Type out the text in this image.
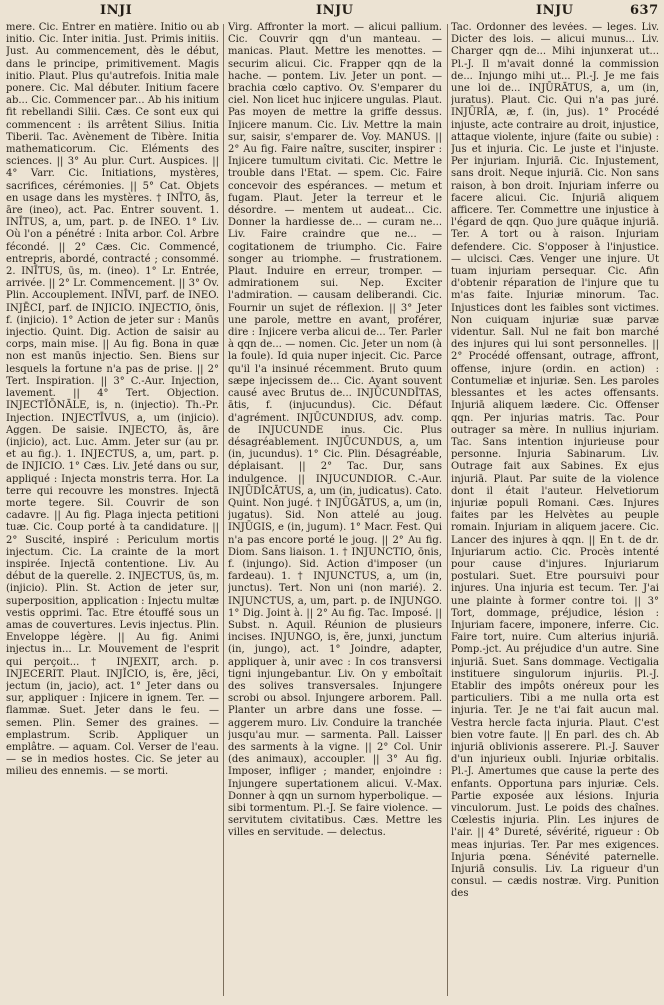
INJI	INJU	INJU	637

mere. Cic. Entrer en matière. Initio ou ab initio. Cic. Inter initia. Just. Primis initiis. Just. Au commencement, dès le début, dans le principe, primitivement. Magis initio. Plaut. Plus qu'autrefois. Initia male ponere. Cic. Mal débuter. Initium facere ab... Cic. Commencer par... Ab his initium fit rebellandi Silii. Cæs. Ce sont eux qui commencent : ils arrêtent Silius. Initia Tiberii. Tac. Avènement de Tibère. Initia mathematicorum. Cic. Eléments des sciences. || 3° Au plur. Curt. Auspices. || 4° Varr. Cic. Initiations, mystères, sacrifices, cérémonies. || 5° Cat. Objets en usage dans les mystères. † INĪTO, ās, āre (ineo), act. Pac. Entrer souvent. 1. INĪTUS, a, um, part. p. de INEO. 1° Liv. Où l'on a pénétré : Inita arbor. Col. Arbre fécondé. || 2° Cæs. Cic. Commencé, entrepris, abordé, contracté ; consommé. 2. INĪTUS, ūs, m. (ineo). 1° Lr. Entrée, arrivée. || 2° Lr. Commencement. || 3° Ov. Plin. Accouplement. INĪVI, parf. de INEO. INJĒCI, parf. de INJICIO. INJECTIO, ōnis, f. (injicio). 1° Action de jeter sur : Manūs injectio. Quint. Dig. Action de saisir au corps, main mise. || Au fig. Bona in quæ non est manūs injectio. Sen. Biens sur lesquels la fortune n'a pas de prise. || 2° Tert. Inspiration. || 3° C.-Aur. Injection, lavement. || 4° Tert. Objection. INJECTĬŌNĀLE, is, n. (injectio). Th.-Pr. Injection. INJECTĪVUS, a, um (injicio). Aggen. De saisie. INJECTO, ās, āre (injicio), act. Luc. Amm. Jeter sur (au pr. et au fig.). 1. INJECTUS, a, um, part. p. de INJICIO. 1° Cæs. Liv. Jeté dans ou sur, appliqué : Injecta monstris terra. Hor. La terre qui recouvre les monstres. Injectā morte tegere. Sil. Couvrir de son cadavre. || Au fig. Plaga injecta petitioni tuæ. Cic. Coup porté à ta candidature. || 2° Suscité, inspiré : Periculum mortis injectum. Cic. La crainte de la mort inspirée. Injectā contentione. Liv. Au début de la querelle. 2. INJECTUS, ūs, m. (injicio). Plin. St. Action de jeter sur, superposition, application : Injectu multæ vestis opprimi. Tac. Etre étouffé sous un amas de couvertures. Levis injectus. Plin. Enveloppe légère. || Au fig. Animi injectus in... Lr. Mouvement de l'esprit qui perçoit... † INJEXIT, arch. p. INJECERIT. Plaut. INJĬCIO, is, ēre, jēci, jectum (in, jacio), act. 1° Jeter dans ou sur, appliquer : Injicere in ignem. Ter. — flammæ. Suet. Jeter dans le feu. — semen. Plin. Semer des graines. — emplastrum. Scrib. Appliquer un emplâtre. — aquam. Col. Verser de l'eau. — se in medios hostes. Cic. Se jeter au milieu des ennemis. — se morti.

Virg. Affronter la mort. — alicui pallium. Cic. Couvrir qqn d'un manteau. — manicas. Plaut. Mettre les menottes. — securim alicui. Cic. Frapper qqn de la hache. — pontem. Liv. Jeter un pont. — brachia cœlo captivo. Ov. S'emparer du ciel. Non licet huc injicere ungulas. Plaut. Pas moyen de mettre la griffe dessus. Injicere manum. Cic. Liv. Mettre la main sur, saisir, s'emparer de. Voy. MANUS. || 2° Au fig. Faire naître, susciter, inspirer : Injicere tumultum civitati. Cic. Mettre le trouble dans l'Etat. — spem. Cic. Faire concevoir des espérances. — metum et fugam. Plaut. Jeter la terreur et le désordre. — mentem ut audeat... Cic. Donner la hardiesse de... — curam ne... Liv. Faire craindre que ne... — cogitationem de triumpho. Cic. Faire songer au triomphe. — frustrationem. Plaut. Induire en erreur, tromper. — admirationem sui. Nep. Exciter l'admiration. — causam deliberandi. Cic. Fournir un sujet de réflexion. || 3° Jeter une parole, mettre en avant, proférer, dire : Injicere verba alicui de... Ter. Parler à qqn de... — nomen. Cic. Jeter un nom (à la foule). Id quia nuper injecit. Cic. Parce qu'il l'a insinué récemment. Bruto quum sæpe injecissem de... Cic. Ayant souvent causé avec Brutus de... INJŪCUNDĬTAS, ātis, f. (injucundus). Cic. Défaut d'agrément. INJŪCUNDIUS, adv. comp. de INJUCUNDE inus. Cic. Plus désagréablement. INJŪCUNDUS, a, um (in, jucundus). 1° Cic. Plin. Désagréable, déplaisant. || 2° Tac. Dur, sans indulgence. || INJUCUNDIOR. C.-Aur. INJŪDĬCĀTUS, a, um (in, judicatus). Cato. Quint. Non jugé. † INJŪGĀTUS, a, um (in, jugatus). Sid. Non attelé au joug. INJŪGIS, e (in, jugum). 1° Macr. Fest. Qui n'a pas encore porté le joug. || 2° Au fig. Diom. Sans liaison. 1. † INJUNCTIO, ōnis, f. (injungo). Sid. Action d'imposer (un fardeau). 1. † INJUNCTUS, a, um (in, junctus). Tert. Non uni (non marié). 2. INJUNCTUS, a, um, part. p. de INJUNGO. 1° Dig. Joint à. || 2° Au fig. Tac. Imposé. || Subst. n. Aquil. Réunion de plusieurs incises. INJUNGO, is, ĕre, junxi, junctum (in, jungo), act. 1° Joindre, adapter, appliquer à, unir avec : In cos transversi tigni injungebantur. Liv. On y emboîtait des solives transversales. Injungere scrobi ou absol. Injungere arborem. Pall. Planter un arbre dans une fosse. — aggerem muro. Liv. Conduire la tranchée jusqu'au mur. — sarmenta. Pall. Laisser des sarments à la vigne. || 2° Col. Unir (des animaux), accoupler. || 3° Au fig. Imposer, infliger ; mander, enjoindre : Injungere supertationem alicui. V.-Max. Donner à qqn un surnom hyperbolique. — sibi tormentum. Pl.-J. Se faire violence. — servitutem civitatibus. Cæs. Mettre les villes en servitude. — delectus.

Tac. Ordonner des levées. — leges. Liv. Dicter des lois. — alicui munus... Liv. Charger qqn de... Mihi injunxerat ut... Pl.-J. Il m'avait donné la commission de... Injungo mihi ut... Pl.-J. Je me fais une loi de... INJŪRĀTUS, a, um (in, juratus). Plaut. Cic. Qui n'a pas juré. INJŪRĬA, æ, f. (in, jus). 1° Procédé injuste, acte contraire au droit, injustice, attaque violente, injure (faite ou subie) : Jus et injuria. Cic. Le juste et l'injuste. Per injuriam. Injuriā. Cic. Injustement, sans droit. Neque injuriā. Cic. Non sans raison, à bon droit. Injuriam inferre ou facere alicui. Cic. Injuriā aliquem afficere. Ter. Commettre une injustice à l'égard de qqn. Quo jure quāque injuriā. Ter. A tort ou à raison. Injuriam defendere. Cic. S'opposer à l'injustice. — ulcisci. Cæs. Venger une injure. Ut tuam injuriam persequar. Cic. Afin d'obtenir réparation de l'injure que tu m'as faite. Injuriæ minorum. Tac. Injustices dont les faibles sont victimes. Non cuiquam injuriæ suæ parvæ videntur. Sall. Nul ne fait bon marché des injures qui lui sont personnelles. || 2° Procédé offensant, outrage, affront, offense, injure (ordin. en action) : Contumeliæ et injuriæ. Sen. Les paroles blessantes et les actes offensants. Injuriā aliquem lædere. Cic. Offenser qqn. Per injurias matris. Tac. Pour outrager sa mère. In nullius injuriam. Tac. Sans intention injurieuse pour personne. Injuria Sabinarum. Liv. Outrage fait aux Sabines. Ex ejus injuriā. Plaut. Par suite de la violence dont il était l'auteur. Helvetiorum injuriæ populi Romani. Cæs. Injures faites par les Helvètes au peuple romain. Injuriam in aliquem jacere. Cic. Lancer des injures à qqn. || En t. de dr. Injuriarum actio. Cic. Procès intenté pour cause d'injures. Injuriarum postulari. Suet. Etre poursuivi pour injures. Una injuria est tecum. Ter. J'ai une plainte à former contre toi. || 3° Tort, dommage, préjudice, lésion : Injuriam facere, imponere, inferre. Cic. Faire tort, nuire. Cum alterius injuriā. Pomp.-jct. Au préjudice d'un autre. Sine injuriā. Suet. Sans dommage. Vectigalia instituere singulorum injuriis. Pl.-J. Etablir des impôts onéreux pour les particuliers. Tibi a me nulla orta est injuria. Ter. Je ne t'ai fait aucun mal. Vestra hercle facta injuria. Plaut. C'est bien votre faute. || En parl. des ch. Ab injuriā oblivionis asserere. Pl.-J. Sauver d'un injurieux oubli. Injuriæ orbitalis. Pl.-J. Amertumes que cause la perte des enfants. Opportuna pars injuriæ. Cels. Partie exposée aux lésions. Injuria vinculorum. Just. Le poids des chaînes. Cœlestis injuria. Plin. Les injures de l'air. || 4° Dureté, sévérité, rigueur : Ob meas injurias. Ter. Par mes exigences. Injuria pœna. Sénévité paternelle. Injuriā consulis. Liv. La rigueur d'un consul. — cædis nostræ. Virg. Punition des
